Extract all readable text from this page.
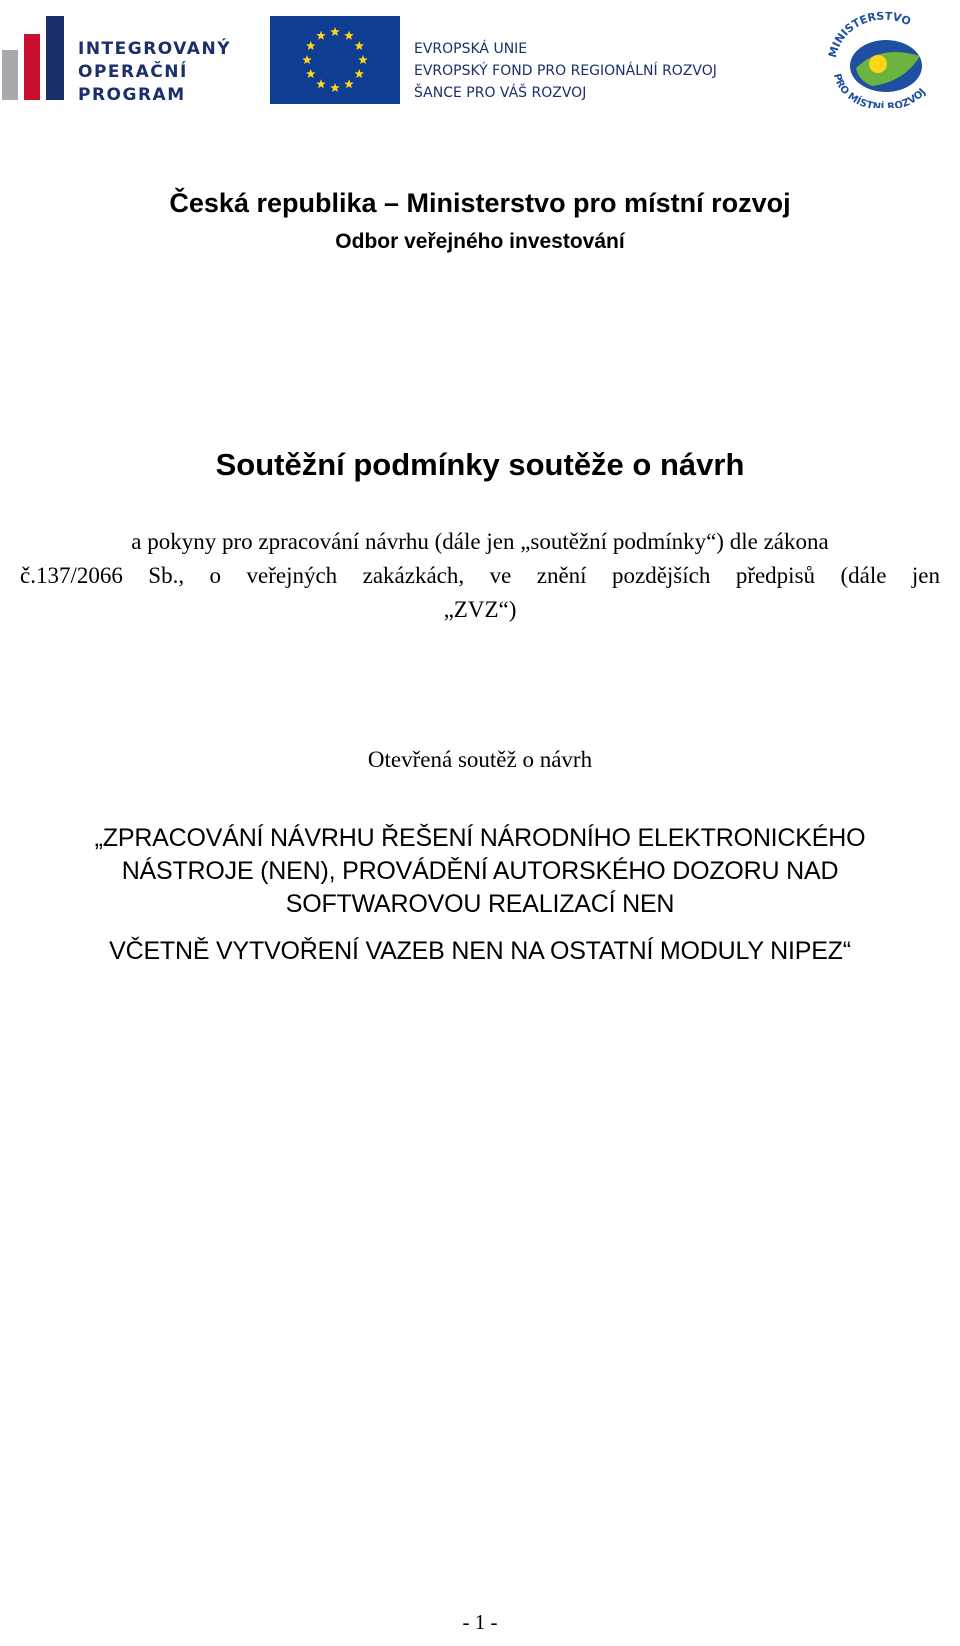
INTEGROVANÝ
OPERAČNÍ
PROGRAM
EVROPSKÁ UNIE
EVROPSKÝ FOND PRO REGIONÁLNÍ ROZVOJ
ŠANCE PRO VÁŠ ROZVOJ
MINISTERSTVO
PRO MÍSTNÍ ROZVOJ
Česká republika – Ministerstvo pro místní rozvoj
Odbor veřejného investování
Soutěžní podmínky soutěže o návrh
a pokyny pro zpracování návrhu (dále jen „soutěžní podmínky“) dle zákona
č.137/2066 Sb., o veřejných zakázkách, ve znění pozdějších předpisů (dále jen
„ZVZ“)
Otevřená soutěž o návrh
„ZPRACOVÁNÍ NÁVRHU ŘEŠENÍ NÁRODNÍHO ELEKTRONICKÉHO
NÁSTROJE (NEN), PROVÁDĚNÍ AUTORSKÉHO DOZORU NAD
SOFTWAROVOU REALIZACÍ NEN
VČETNĚ VYTVOŘENÍ VAZEB NEN NA OSTATNÍ MODULY NIPEZ“
- 1 -
